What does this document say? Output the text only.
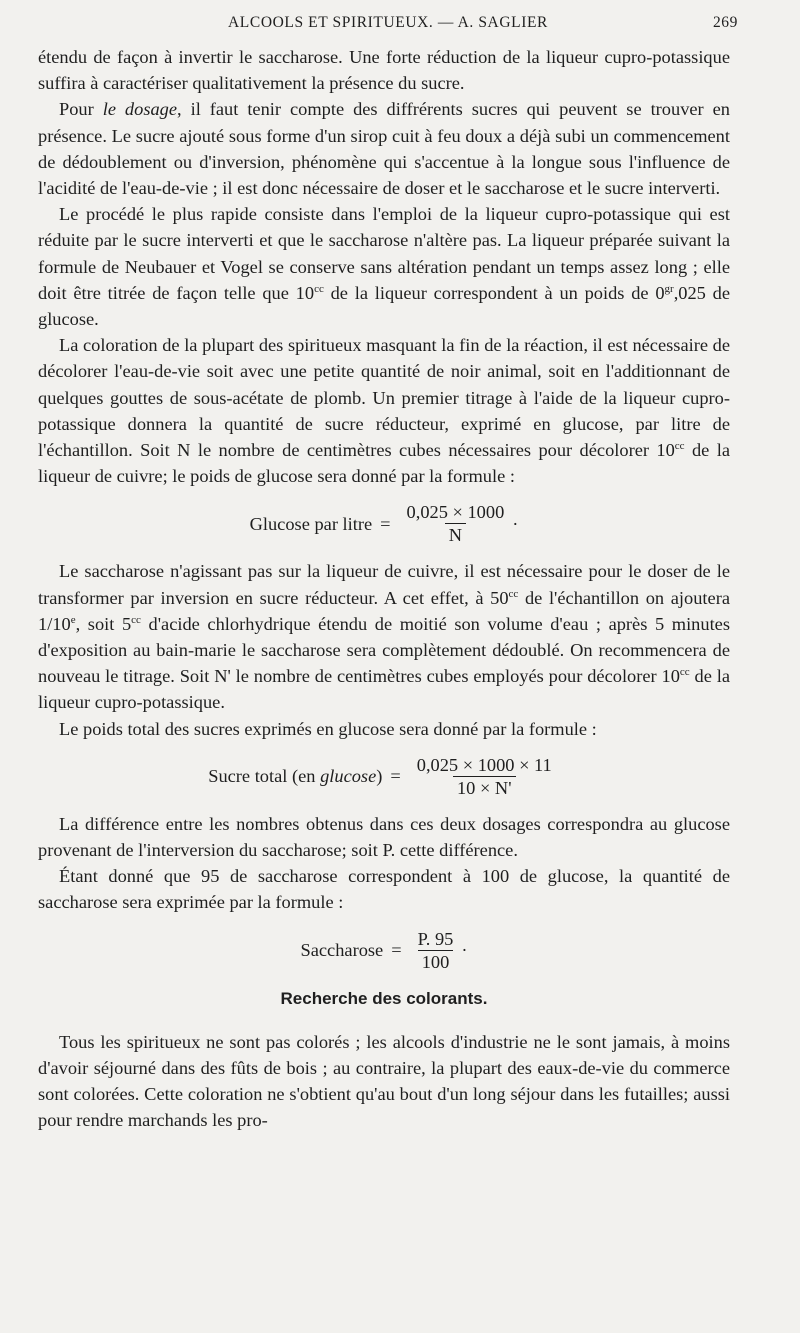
ALCOOLS ET SPIRITUEUX. — A. SAGLIER	269

étendu de façon à invertir le saccharose. Une forte réduction de la liqueur cupro-potassique suffira à caractériser qualitativement la présence du sucre.

Pour le dosage, il faut tenir compte des diffrérents sucres qui peuvent se trouver en présence. Le sucre ajouté sous forme d'un sirop cuit à feu doux a déjà subi un commencement de dédoublement ou d'inversion, phénomène qui s'accentue à la longue sous l'influence de l'acidité de l'eau-de-vie ; il est donc nécessaire de doser et le saccharose et le sucre interverti.

Le procédé le plus rapide consiste dans l'emploi de la liqueur cupro-potassique qui est réduite par le sucre interverti et que le saccharose n'altère pas. La liqueur préparée suivant la formule de Neubauer et Vogel se conserve sans altération pendant un temps assez long ; elle doit être titrée de façon telle que $10^{cc}$ de la liqueur correspondent à un poids de $0^{gr},025$ de glucose.

La coloration de la plupart des spiritueux masquant la fin de la réaction, il est nécessaire de décolorer l'eau-de-vie soit avec une petite quantité de noir animal, soit en l'additionnant de quelques gouttes de sous-acétate de plomb. Un premier titrage à l'aide de la liqueur cupro-potassique donnera la quantité de sucre réducteur, exprimé en glucose, par litre de l'échantillon. Soit N le nombre de centimètres cubes nécessaires pour décolorer $10^{cc}$ de la liqueur de cuivre; le poids de glucose sera donné par la formule :

Glucose par litre = $\frac{0,025 \times 1000}{N}$ ·

Le saccharose n'agissant pas sur la liqueur de cuivre, il est nécessaire pour le doser de le transformer par inversion en sucre réducteur. A cet effet, à $50^{cc}$ de l'échantillon on ajoutera 1/10e, soit $5^{cc}$ d'acide chlorhydrique étendu de moitié son volume d'eau ; après 5 minutes d'exposition au bain-marie le saccharose sera complètement dédoublé. On recommencera de nouveau le titrage. Soit N' le nombre de centimètres cubes employés pour décolorer $10^{cc}$ de la liqueur cupro-potassique.

Le poids total des sucres exprimés en glucose sera donné par la formule :

Sucre total (en $glucose) = \frac{0,025 \times 1000 \times 11}{10 \times N'}$

La différence entre les nombres obtenus dans ces deux dosages correspondra au glucose provenant de l'interversion du saccharose; soit P. cette différence.

Étant donné que 95 de saccharose correspondent à 100 de glucose, la quantité de saccharose sera exprimée par la formule :

Saccharose = $\frac{P. 95}{100}$ ·
Recherche des colorants.

Tous les spiritueux ne sont pas colorés ; les alcools d'industrie ne le sont jamais, à moins d'avoir séjourné dans des fûts de bois ; au contraire, la plupart des eaux-de-vie du commerce sont colorées. Cette coloration ne s'obtient qu'au bout d'un long séjour dans les futailles; aussi pour rendre marchands les pro-
